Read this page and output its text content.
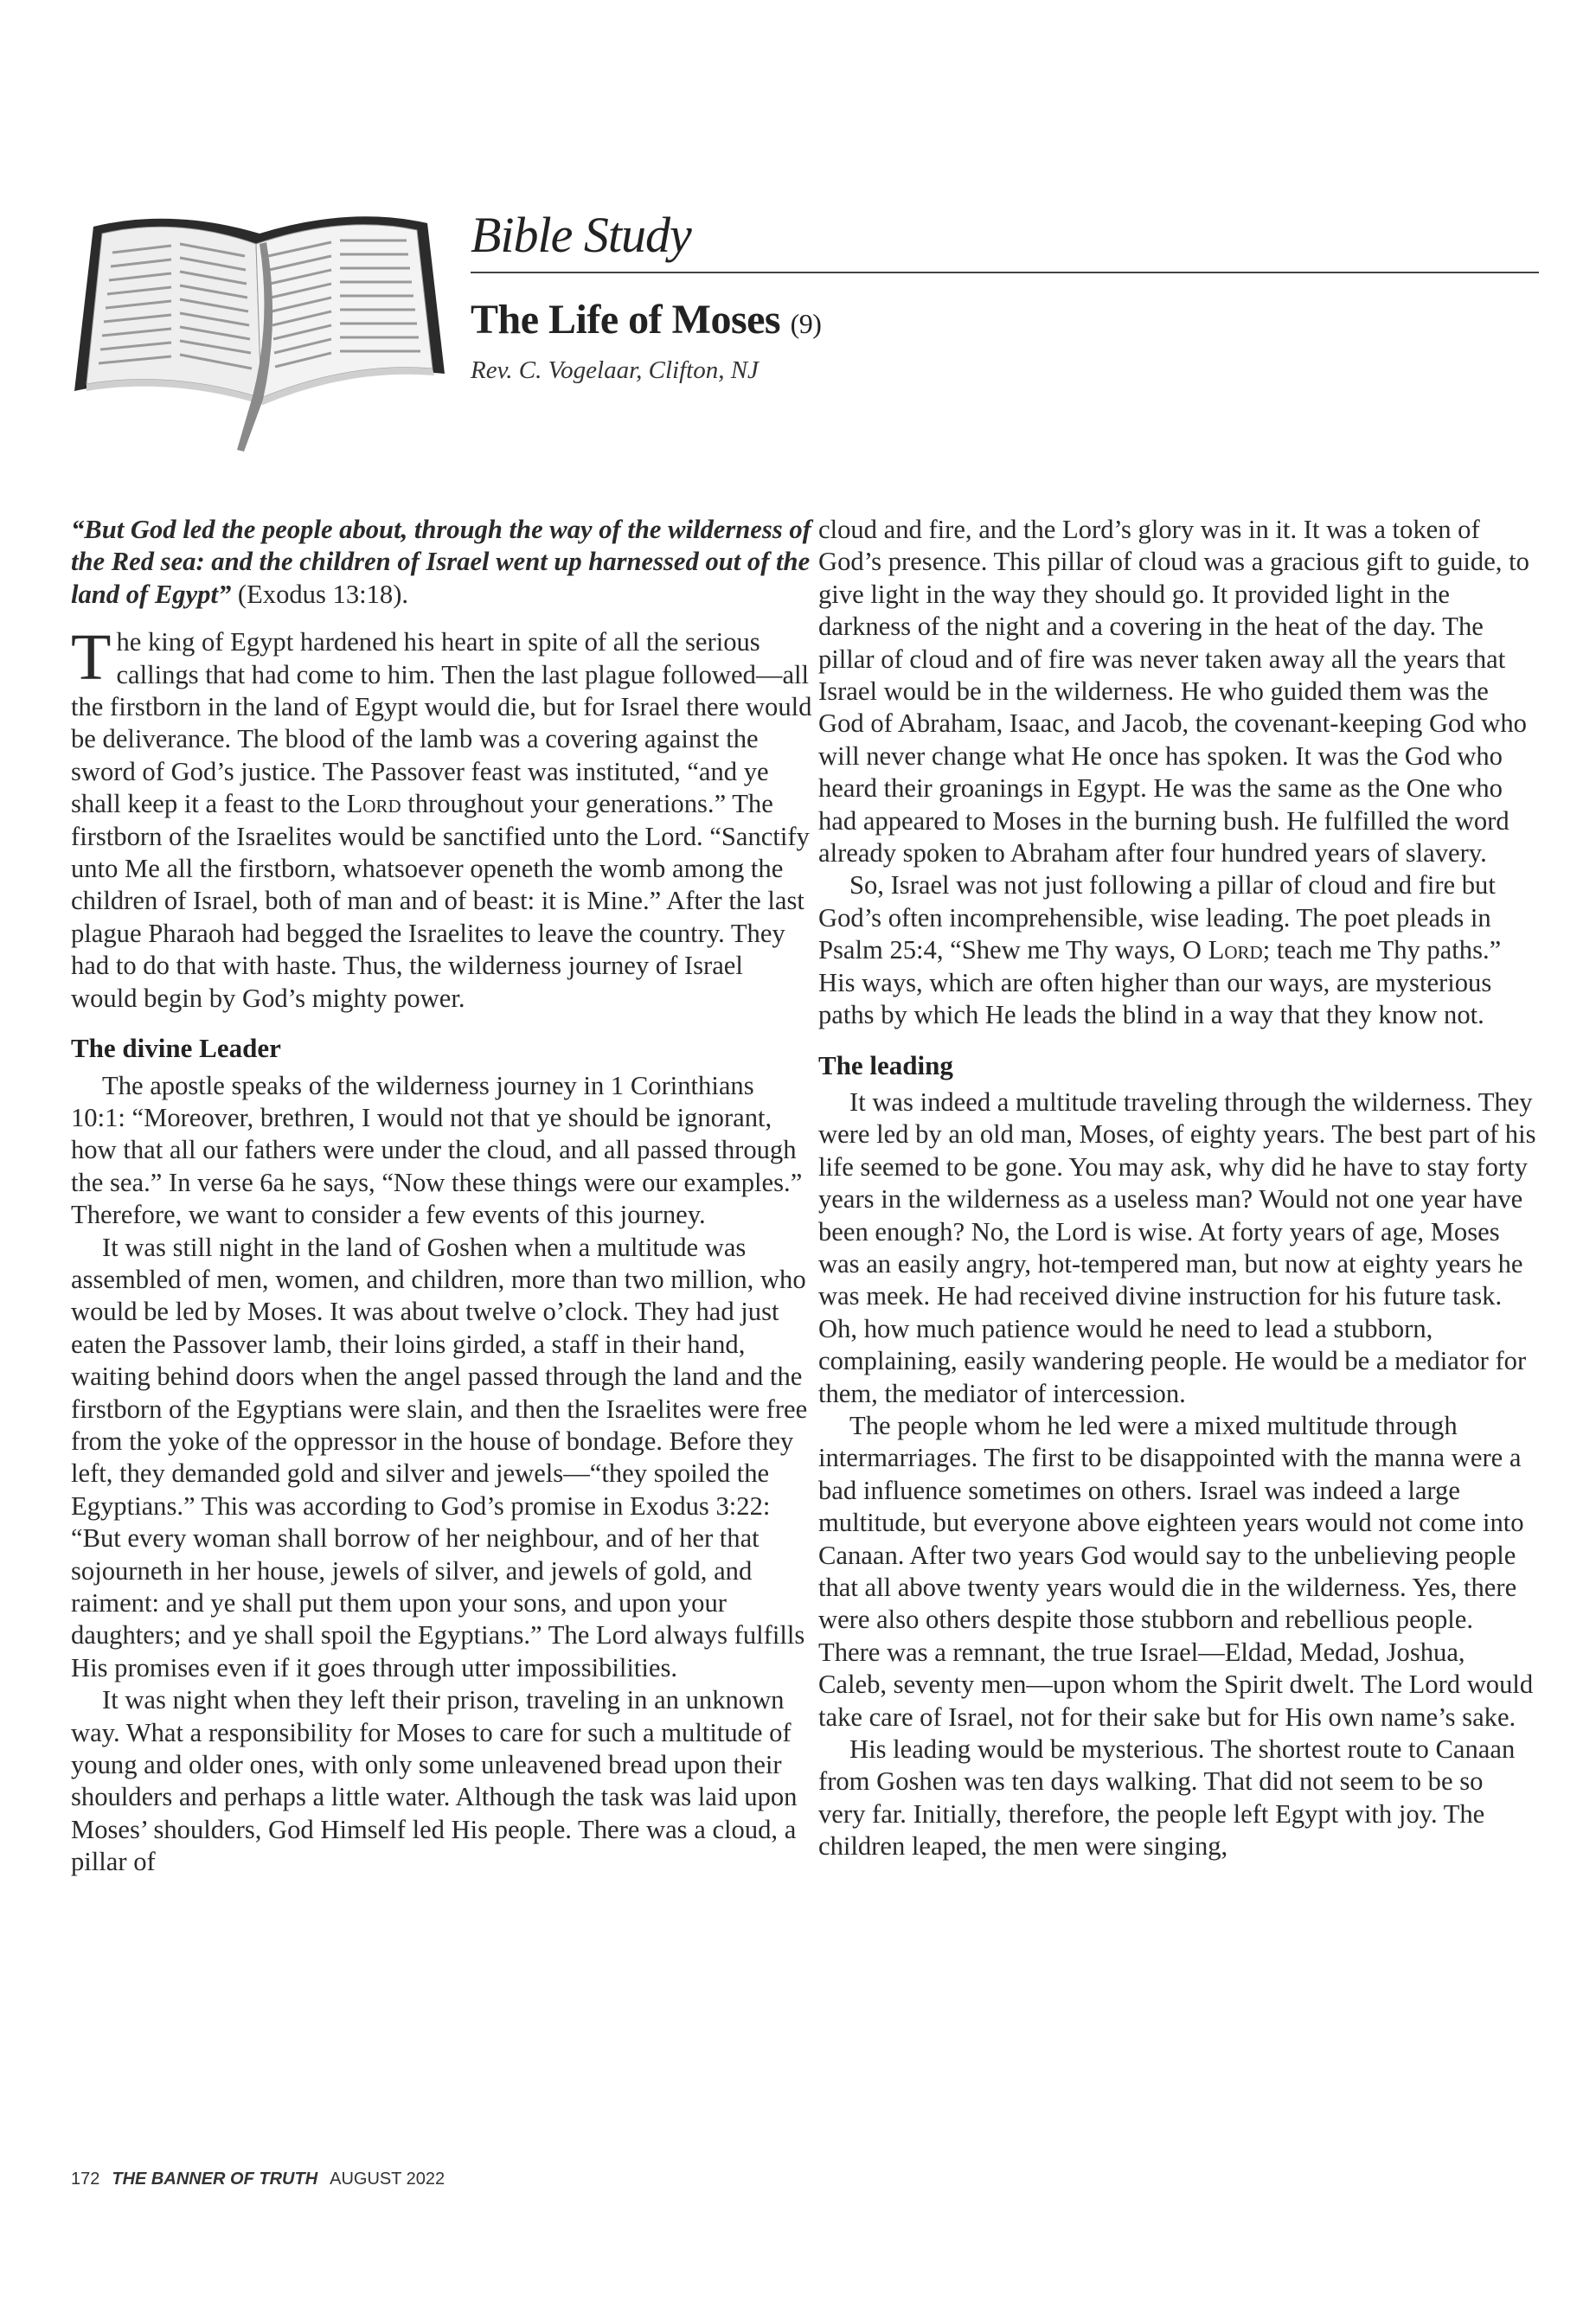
Bible Study
The Life of Moses (9)
Rev. C. Vogelaar, Clifton, NJ

“But God led the people about, through the way of the wilderness of the Red sea: and the children of Israel went up harnessed out of the land of Egypt” (Exodus 13:18).

The king of Egypt hardened his heart in spite of all the serious callings that had come to him. Then the last plague followed—all the firstborn in the land of Egypt would die, but for Israel there would be deliverance. The blood of the lamb was a covering against the sword of God’s justice. The Passover feast was instituted, “and ye shall keep it a feast to the Lord throughout your generations.” The firstborn of the Israelites would be sanctified unto the Lord. “Sanctify unto Me all the firstborn, whatsoever openeth the womb among the children of Israel, both of man and of beast: it is Mine.” After the last plague Pharaoh had begged the Israelites to leave the country. They had to do that with haste. Thus, the wilderness journey of Israel would begin by God’s mighty power.

The divine Leader

The apostle speaks of the wilderness journey in 1 Corinthians 10:1: “Moreover, brethren, I would not that ye should be ignorant, how that all our fathers were under the cloud, and all passed through the sea.” In verse 6a he says, “Now these things were our examples.” Therefore, we want to consider a few events of this journey.

It was still night in the land of Goshen when a multitude was assembled of men, women, and children, more than two million, who would be led by Moses. It was about twelve o’clock. They had just eaten the Passover lamb, their loins girded, a staff in their hand, waiting behind doors when the angel passed through the land and the firstborn of the Egyptians were slain, and then the Israelites were free from the yoke of the oppressor in the house of bondage. Before they left, they demanded gold and silver and jewels—“they spoiled the Egyptians.” This was according to God’s promise in Exodus 3:22: “But every woman shall borrow of her neighbour, and of her that sojourneth in her house, jewels of silver, and jewels of gold, and raiment: and ye shall put them upon your sons, and upon your daughters; and ye shall spoil the Egyptians.” The Lord always fulfills His promises even if it goes through utter impossibilities.

It was night when they left their prison, traveling in an unknown way. What a responsibility for Moses to care for such a multitude of young and older ones, with only some unleavened bread upon their shoulders and perhaps a little water. Although the task was laid upon Moses’ shoulders, God Himself led His people. There was a cloud, a pillar of

cloud and fire, and the Lord’s glory was in it. It was a token of God’s presence. This pillar of cloud was a gracious gift to guide, to give light in the way they should go. It provided light in the darkness of the night and a covering in the heat of the day. The pillar of cloud and of fire was never taken away all the years that Israel would be in the wilderness. He who guided them was the God of Abraham, Isaac, and Jacob, the covenant-keeping God who will never change what He once has spoken. It was the God who heard their groanings in Egypt. He was the same as the One who had appeared to Moses in the burning bush. He fulfilled the word already spoken to Abraham after four hundred years of slavery.

So, Israel was not just following a pillar of cloud and fire but God’s often incomprehensible, wise leading. The poet pleads in Psalm 25:4, “Shew me Thy ways, O Lord; teach me Thy paths.” His ways, which are often higher than our ways, are mysterious paths by which He leads the blind in a way that they know not.

The leading

It was indeed a multitude traveling through the wilderness. They were led by an old man, Moses, of eighty years. The best part of his life seemed to be gone. You may ask, why did he have to stay forty years in the wilderness as a useless man? Would not one year have been enough? No, the Lord is wise. At forty years of age, Moses was an easily angry, hot-tempered man, but now at eighty years he was meek. He had received divine instruction for his future task. Oh, how much patience would he need to lead a stubborn, complaining, easily wandering people. He would be a mediator for them, the mediator of intercession.

The people whom he led were a mixed multitude through intermarriages. The first to be disappointed with the manna were a bad influence sometimes on others. Israel was indeed a large multitude, but everyone above eighteen years would not come into Canaan. After two years God would say to the unbelieving people that all above twenty years would die in the wilderness. Yes, there were also others despite those stubborn and rebellious people. There was a remnant, the true Israel—Eldad, Medad, Joshua, Caleb, seventy men—upon whom the Spirit dwelt. The Lord would take care of Israel, not for their sake but for His own name’s sake.

His leading would be mysterious. The shortest route to Canaan from Goshen was ten days walking. That did not seem to be so very far. Initially, therefore, the people left Egypt with joy. The children leaped, the men were singing,

172 THE BANNER OF TRUTH AUGUST 2022
